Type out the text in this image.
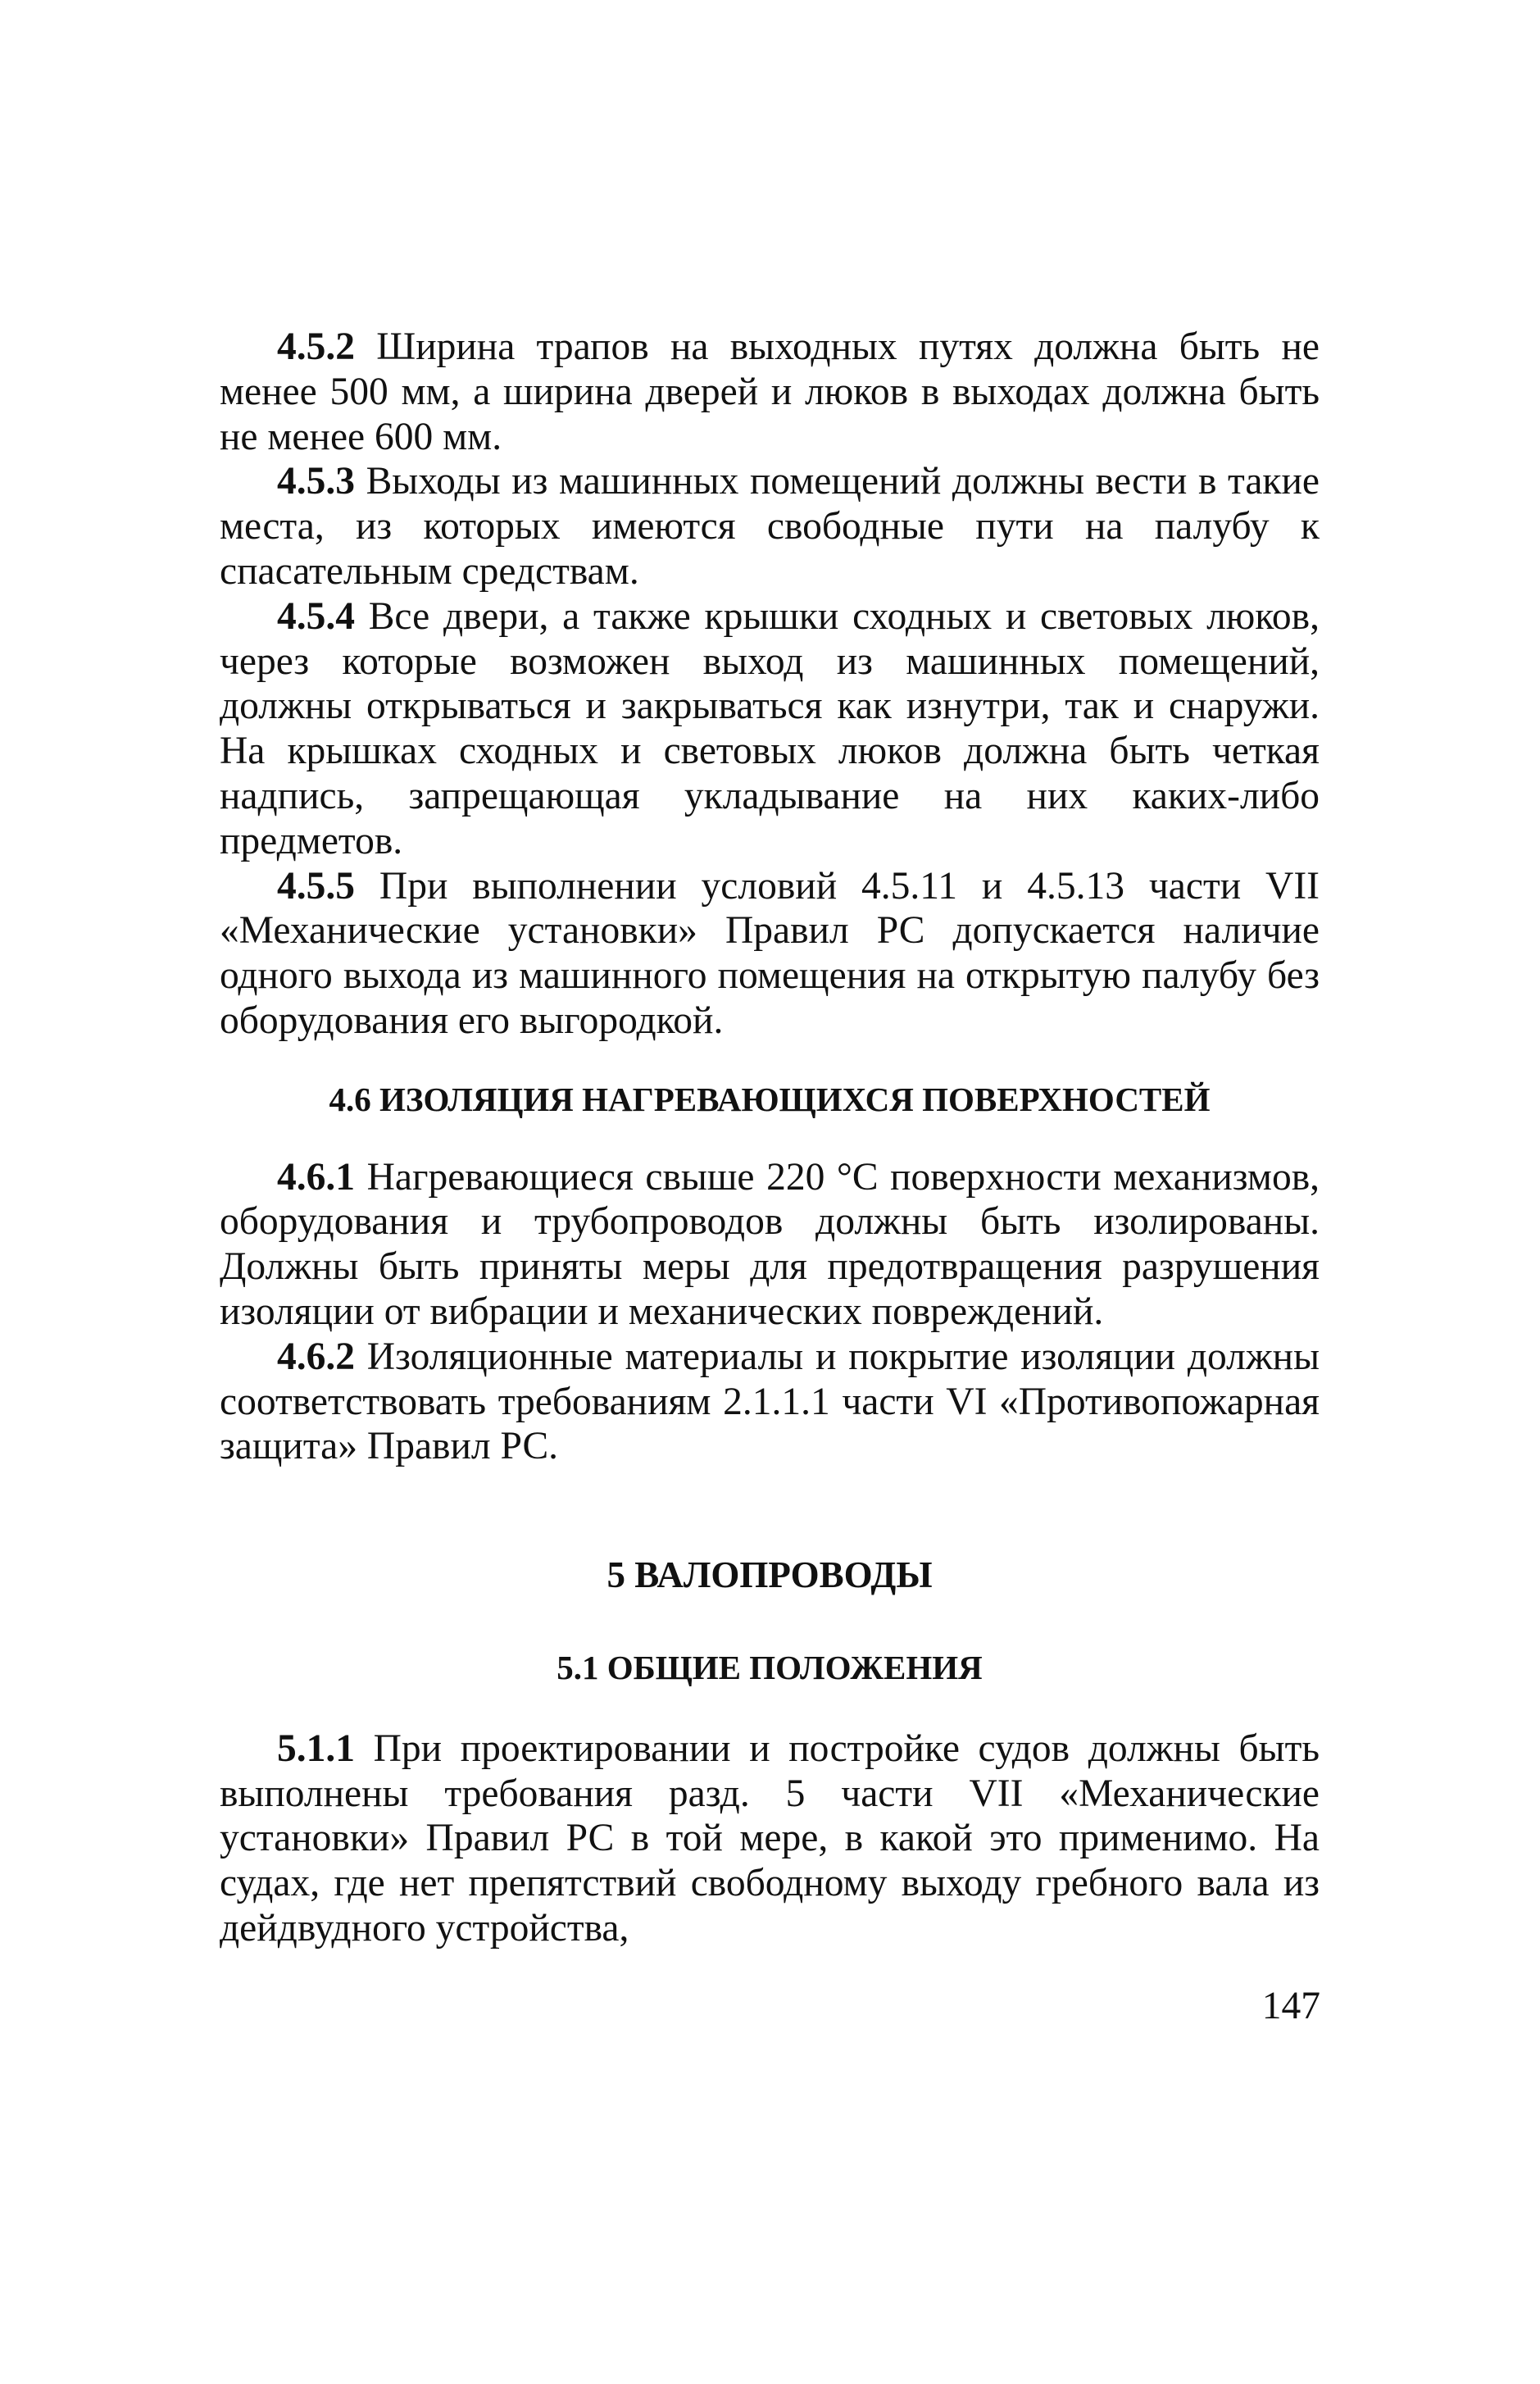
4.5.2 Ширина трапов на выходных путях должна быть не менее 500 мм, а ширина дверей и люков в выходах должна быть не менее 600 мм.

4.5.3 Выходы из машинных помещений должны вести в такие места, из которых имеются свободные пути на палубу к спасательным средствам.

4.5.4 Все двери, а также крышки сходных и световых люков, через которые возможен выход из машинных помещений, должны открываться и закрываться как изнутри, так и снаружи. На крышках сходных и световых люков должна быть четкая надпись, запрещающая укладывание на них каких-либо предметов.

4.5.5 При выполнении условий 4.5.11 и 4.5.13 части VII «Механические установки» Правил РС допускается наличие одного выхода из машинного помещения на открытую палубу без оборудования его выгородкой.

4.6 ИЗОЛЯЦИЯ НАГРЕВАЮЩИХСЯ ПОВЕРХНОСТЕЙ

4.6.1 Нагревающиеся свыше 220 °С поверхности механизмов, оборудования и трубопроводов должны быть изолированы. Должны быть приняты меры для предотвращения разрушения изоляции от вибрации и механических повреждений.

4.6.2 Изоляционные материалы и покрытие изоляции должны соответствовать требованиям 2.1.1.1 части VI «Противопожарная защита» Правил РС.

5 ВАЛОПРОВОДЫ
5.1 ОБЩИЕ ПОЛОЖЕНИЯ

5.1.1 При проектировании и постройке судов должны быть выполнены требования разд. 5 части VII «Механические установки» Правил РС в той мере, в какой это применимо. На судах, где нет препятствий свободному выходу гребного вала из дейдвудного устройства,

147
